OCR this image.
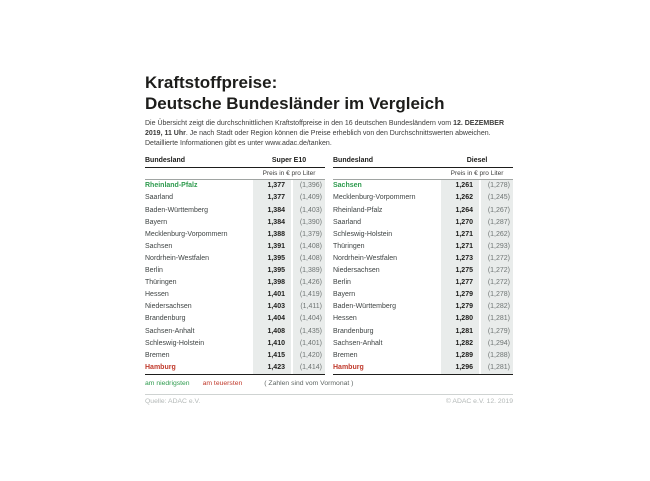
Kraftstoffpreise:
Deutsche Bundesländer im Vergleich
Die Übersicht zeigt die durchschnittlichen Kraftstoffpreise in den 16 deutschen Bundesländern vom 12. DEZEMBER 2019, 11 Uhr. Je nach Stadt oder Region können die Preise erheblich von den Durchschnittswerten abweichen. Detaillierte Informationen gibt es unter www.adac.de/tanken.
Bundesland	Super E10
Preis in € pro Liter
Rheinland-Pfalz	1,377	(1,396)
Saarland	1,377	(1,409)
Baden-Württemberg	1,384	(1,403)
Bayern	1,384	(1,390)
Mecklenburg-Vorpommern	1,388	(1,379)
Sachsen	1,391	(1,408)
Nordrhein-Westfalen	1,395	(1,408)
Berlin	1,395	(1,389)
Thüringen	1,398	(1,426)
Hessen	1,401	(1,419)
Niedersachsen	1,403	(1,411)
Brandenburg	1,404	(1,404)
Sachsen-Anhalt	1,408	(1,435)
Schleswig-Holstein	1,410	(1,401)
Bremen	1,415	(1,420)
Hamburg	1,423	(1,414)
Bundesland	Diesel
Preis in € pro Liter
Sachsen	1,261	(1,278)
Mecklenburg-Vorpommern	1,262	(1,245)
Rheinland-Pfalz	1,264	(1,267)
Saarland	1,270	(1,287)
Schleswig-Holstein	1,271	(1,262)
Thüringen	1,271	(1,293)
Nordrhein-Westfalen	1,273	(1,272)
Niedersachsen	1,275	(1,272)
Berlin	1,277	(1,272)
Bayern	1,279	(1,278)
Baden-Württemberg	1,279	(1,282)
Hessen	1,280	(1,281)
Brandenburg	1,281	(1,279)
Sachsen-Anhalt	1,282	(1,294)
Bremen	1,289	(1,288)
Hamburg	1,296	(1,281)
am niedrigsten am teuersten	( Zahlen sind vom Vormonat )
Quelle: ADAC e.V.	© ADAC e.V. 12. 2019
